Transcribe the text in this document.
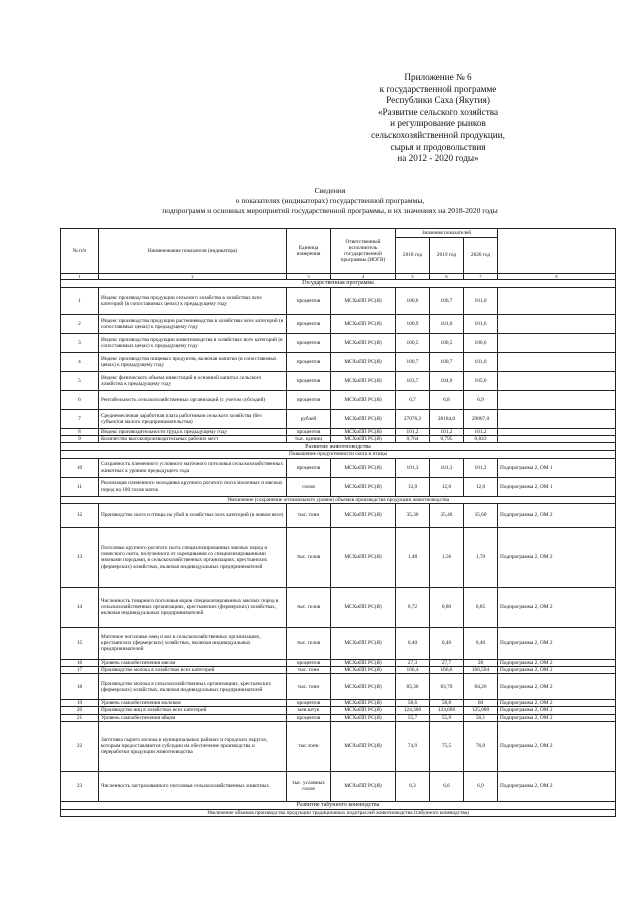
Приложение № 6
к государственной программе
Республики Саха (Якутия)
«Развитие сельского хозяйства
и регулирование рынков
сельскохозяйственной продукции,
сырья и продовольствия
на 2012 - 2020 годы»
Сведения
о показателях (индикаторах) государственной программы,
подпрограмм и основных мероприятий государственной программы, и их значениях на 2018-2020 годы
№ п/п	Наименование показателя (индикатора)	Единица измерения	Ответственный исполнитель государственной программы (ИОГВ)	Значения показателей			
				2018 год	2019 год	2020 год	
1	2	3	4	5	6	7	8
Государственная программа							
1	Индекс производства продукции сельского хозяйства в хозяйствах всех категорий (в сопоставимых ценах) к предыдущему году	процентов	МСХиПП РС(Я)	100,6	100,7	101,0	
2	Индекс производства продукции растениеводства в хозяйствах всех категорий (в сопоставимых ценах) к предыдущему году	процентов	МСХиПП РС(Я)	100,9	101,0	101,6	
3	Индекс производства продукции животноводства в хозяйствах всех категорий (в сопоставимых ценах) к предыдущему году	процентов	МСХиПП РС(Я)	100,5	100,5	100,6	
4	Индекс производства пищевых продуктов, включая напитки (в сопоставимых ценах) к предыдущему году	процентов	МСХиПП РС(Я)	100,7	100,7	101,0	
5	Индекс физического объема инвестиций в основной капитал сельского хозяйства к предыдущему году	процентов	МСХиПП РС(Я)	103,7	104,9	105,0	
6	Рентабельность сельскохозяйственных организаций (с учетом субсидий)	процентов	МСХиПП РС(Я)	6,7	6,8	6,9	
7	Среднемесячная заработная плата работников сельского хозяйства (без субъектов малого предпринимательства)	рублей	МСХиПП РС(Я)	27076,2	28184,0	29867,0	
8	Индекс производительности труда к предыдущему году	процентов	МСХиПП РС(Я)	101,2	101,2	101,2	
9	Количество высокопроизводительных рабочих мест	тыс. единиц	МСХиПП РС(Я)	0,764	0,795	0,843	
Развитие животноводства							
Повышение продуктивности скота и птицы							
10	Сохранность племенного условного маточного поголовья сельскохозяйственных животных к уровню предыдущего года	процентов	МСХиПП РС(Я)	101,3	101,3	101,2	Подпрограмма 2, ОМ 1
11	Реализация племенного молодняка крупного рогатого скота молочных и мясных пород на 100 голов маток	голов	МСХиПП РС(Я)	12,0	12,0	12,0	Подпрограмма 2, ОМ 1
Увеличение (сохранение оптимального уровня) объемов производства продукции животноводства							
12	Производство скота и птицы на убой в хозяйствах всех категорий (в живом весе)	тыс. тонн	МСХиПП РС(Я)	35,30	35,40	35,60	Подпрограмма 2, ОМ 2
13	Поголовье крупного рогатого скота специализированных мясных пород и помесного скота, полученного от скрещивания со специализированными мясными породами, в сельскохозяйственных организациях, крестьянских (фермерских) хозяйствах, включая индивидуальных предпринимателей	тыс. голов	МСХиПП РС(Я)	1,48	1,56	1,70	Подпрограмма 2, ОМ 2
14	Численность товарного поголовья коров специализированных мясных пород в сельскохозяйственных организациях, крестьянских (фермерских) хозяйствах, включая индивидуальных предпринимателей	тыс. голов	МСХиПП РС(Я)	0,72	0,80	0,85	Подпрограмма 2, ОМ 2
15	Маточное поголовье овец и коз в сельскохозяйственных организациях, крестьянских (фермерских) хозяйствах, включая индивидуальных предпринимателей	тыс. голов	МСХиПП РС(Я)	0,40	0,40	0,40	Подпрограмма 2, ОМ 2
16	Уровень самообеспечения мясом	процентов	МСХиПП РС(Я)	27,3	27,7	28	Подпрограмма 2, ОМ 2
17	Производство молока в хозяйствах всех категорий	тыс. тонн	МСХиПП РС(Я)	166,4	166,6	166,594	Подпрограмма 2, ОМ 2
18	Производство молока в сельскохозяйственных организациях, крестьянских (фермерских) хозяйствах, включая индивидуальных предпринимателей	тыс. тонн	МСХиПП РС(Я)	83,30	83,70	84,20	Подпрограмма 2, ОМ 2
19	Уровень самообеспечения молоком	процентов	МСХиПП РС(Я)	58,6	58,8	60	Подпрограмма 2, ОМ 2
20	Производство яиц в хозяйствах всех категорий	млн.штук	МСХиПП РС(Я)	124,300	124,600	125,000	Подпрограмма 2, ОМ 2
21	Уровень самообеспечения яйцом	процентов	МСХиПП РС(Я)	55,7	55,9	56,1	Подпрограмма 2, ОМ 2
22	Заготовка сырого молока в муниципальных районах и городских округах, которым предоставляются субсидии на обеспечение производства и переработки продукции животноводства	тыс.тонн	МСХиПП РС(Я)	74,9	75,5	76,0	Подпрограмма 2, ОМ 2
23	Численность застрахованного поголовья сельскохозяйственных животных	тыс. условных голов	МСХиПП РС(Я)	6,3	6,6	6,9	Подпрограмма 2, ОМ 2
Развитие табунного коневодства							
Увеличение объемов производства продукции традиционных подотраслей животноводства (табунного коневодства)							
